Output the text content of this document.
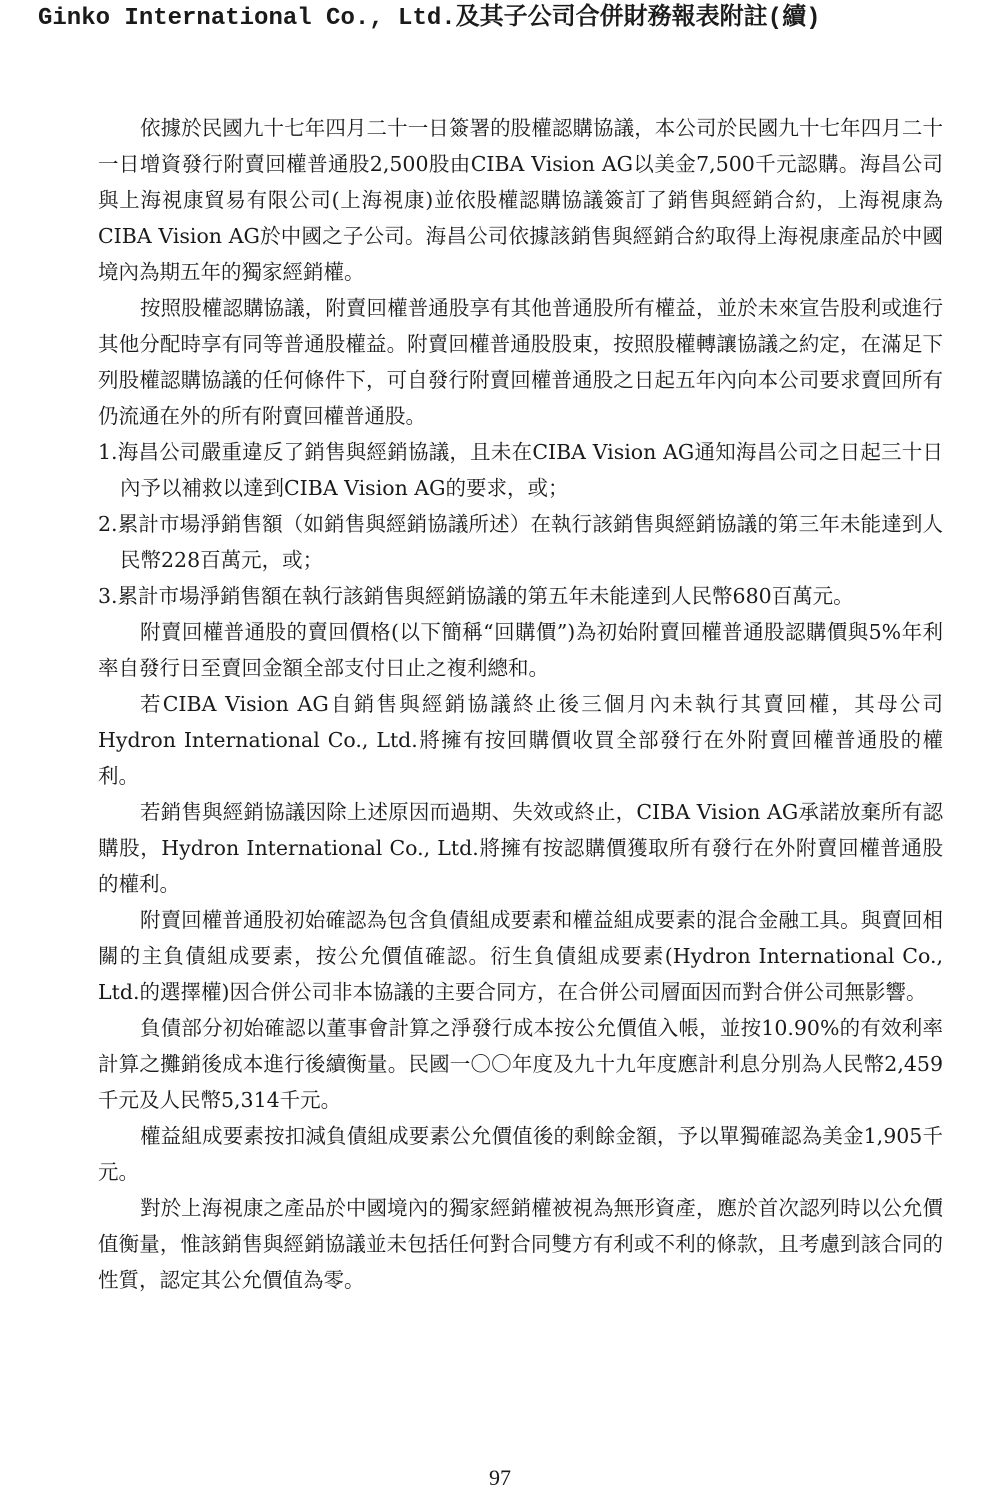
Ginko International Co., Ltd.及其子公司合併財務報表附註(續)

依據於民國九十七年四月二十一日簽署的股權認購協議，本公司於民國九十七年四月二十一日增資發行附賣回權普通股2,500股由CIBA Vision AG以美金7,500千元認購。海昌公司與上海視康貿易有限公司(上海視康)並依股權認購協議簽訂了銷售與經銷合約，上海視康為CIBA Vision AG於中國之子公司。海昌公司依據該銷售與經銷合約取得上海視康產品於中國境內為期五年的獨家經銷權。

按照股權認購協議，附賣回權普通股享有其他普通股所有權益，並於未來宣告股利或進行其他分配時享有同等普通股權益。附賣回權普通股股東，按照股權轉讓協議之約定，在滿足下列股權認購協議的任何條件下，可自發行附賣回權普通股之日起五年內向本公司要求賣回所有仍流通在外的所有附賣回權普通股。

1.海昌公司嚴重違反了銷售與經銷協議，且未在CIBA Vision AG通知海昌公司之日起三十日內予以補救以達到CIBA Vision AG的要求，或；

2.累計市場淨銷售額（如銷售與經銷協議所述）在執行該銷售與經銷協議的第三年未能達到人民幣228百萬元，或；

3.累計市場淨銷售額在執行該銷售與經銷協議的第五年未能達到人民幣680百萬元。

附賣回權普通股的賣回價格(以下簡稱“回購價”)為初始附賣回權普通股認購價與5%年利率自發行日至賣回金額全部支付日止之複利總和。

若CIBA Vision AG自銷售與經銷協議終止後三個月內未執行其賣回權，其母公司Hydron International Co., Ltd.將擁有按回購價收買全部發行在外附賣回權普通股的權利。

若銷售與經銷協議因除上述原因而過期、失效或終止，CIBA Vision AG承諾放棄所有認購股，Hydron International Co., Ltd.將擁有按認購價獲取所有發行在外附賣回權普通股的權利。

附賣回權普通股初始確認為包含負債組成要素和權益組成要素的混合金融工具。與賣回相關的主負債組成要素，按公允價值確認。衍生負債組成要素(Hydron International Co., Ltd.的選擇權)因合併公司非本協議的主要合同方，在合併公司層面因而對合併公司無影響。

負債部分初始確認以董事會計算之淨發行成本按公允價值入帳，並按10.90%的有效利率計算之攤銷後成本進行後續衡量。民國一〇〇年度及九十九年度應計利息分別為人民幣2,459千元及人民幣5,314千元。

權益組成要素按扣減負債組成要素公允價值後的剩餘金額，予以單獨確認為美金1,905千元。

對於上海視康之產品於中國境內的獨家經銷權被視為無形資產，應於首次認列時以公允價值衡量，惟該銷售與經銷協議並未包括任何對合同雙方有利或不利的條款，且考慮到該合同的性質，認定其公允價值為零。

97
